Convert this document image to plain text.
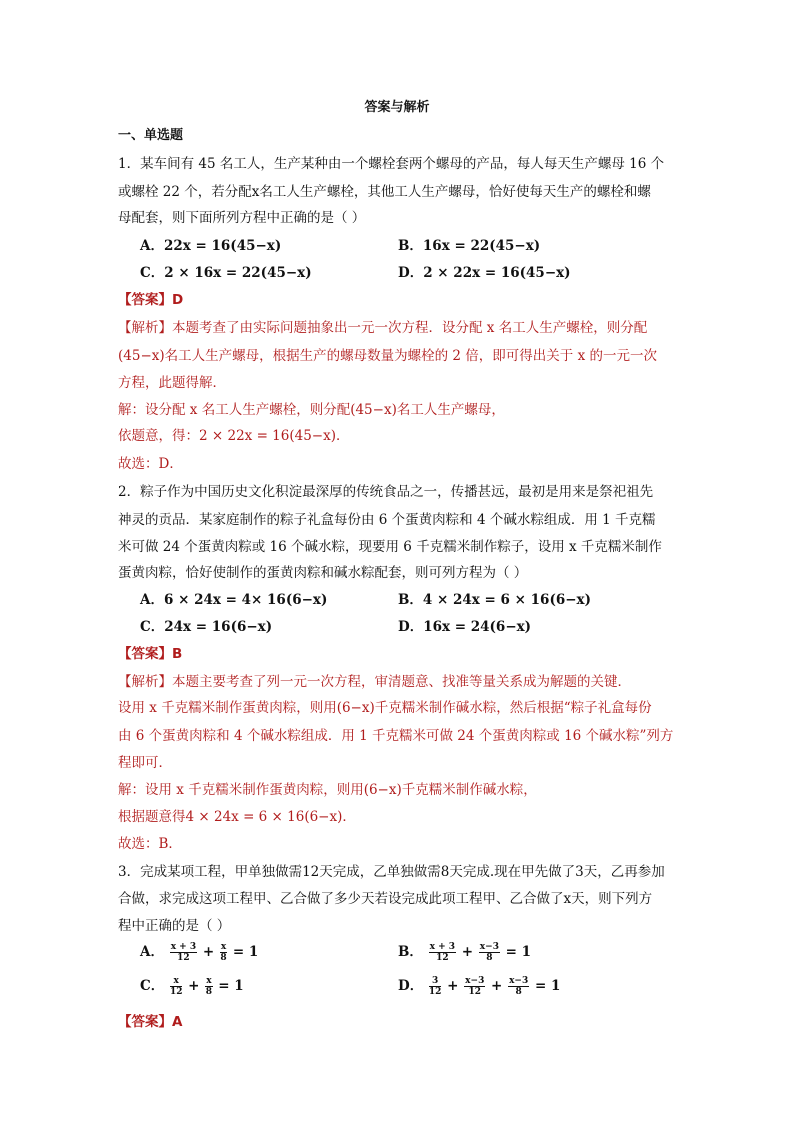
答案与解析
一、单选题
1．某车间有 45 名工人，生产某种由一个螺栓套两个螺母的产品，每人每天生产螺母 16 个
或螺栓 22 个，若分配x名工人生产螺栓，其他工人生产螺母，恰好使每天生产的螺栓和螺
母配套，则下面所列方程中正确的是（ ）
A．22x = 16(45−x)	B．16x = 22(45−x)
C．2 × 16x = 22(45−x)	D．2 × 22x = 16(45−x)
【答案】D
【解析】本题考查了由实际问题抽象出一元一次方程．设分配 x 名工人生产螺栓，则分配
(45−x)名工人生产螺母，根据生产的螺母数量为螺栓的 2 倍，即可得出关于 x 的一元一次
方程，此题得解．
解：设分配 x 名工人生产螺栓，则分配(45−x)名工人生产螺母，
依题意，得：2 × 22x = 16(45−x)．
故选：D．
2．粽子作为中国历史文化积淀最深厚的传统食品之一，传播甚远，最初是用来是祭祀祖先
神灵的贡品．某家庭制作的粽子礼盒每份由 6 个蛋黄肉粽和 4 个碱水粽组成．用 1 千克糯
米可做 24 个蛋黄肉粽或 16 个碱水粽，现要用 6 千克糯米制作粽子，设用 x 千克糯米制作
蛋黄肉粽，恰好使制作的蛋黄肉粽和碱水粽配套，则可列方程为（ ）
A．6 × 24x = 4× 16(6−x)	B．4 × 24x = 6 × 16(6−x)
C．24x = 16(6−x)	D．16x = 24(6−x)
【答案】B
【解析】本题主要考查了列一元一次方程，审清题意、找准等量关系成为解题的关键．
设用 x 千克糯米制作蛋黄肉粽，则用(6−x)千克糯米制作碱水粽，然后根据“粽子礼盒每份
由 6 个蛋黄肉粽和 4 个碱水粽组成．用 1 千克糯米可做 24 个蛋黄肉粽或 16 个碱水粽”列方
程即可．
解：设用 x 千克糯米制作蛋黄肉粽，则用(6−x)千克糯米制作碱水粽，
根据题意得4 × 24x = 6 × 16(6−x)．
故选：B．
3．完成某项工程，甲单独做需12天完成，乙单独做需8天完成.现在甲先做了3天，乙再参加
合做，求完成这项工程甲、乙合做了多少天若设完成此项工程甲、乙合做了x天，则下列方
程中正确的是（ ）
A． $\frac{x + 3}{12} + \frac{x}{8} = 1$	B． $\frac{x + 3}{12} + \frac{x-3}{8} = 1$
C． $\frac{x}{12} + \frac{x}{8} = 1$	D． $\frac{3}{12} + \frac{x-3}{12} + \frac{x-3}{8} = 1$
【答案】A
